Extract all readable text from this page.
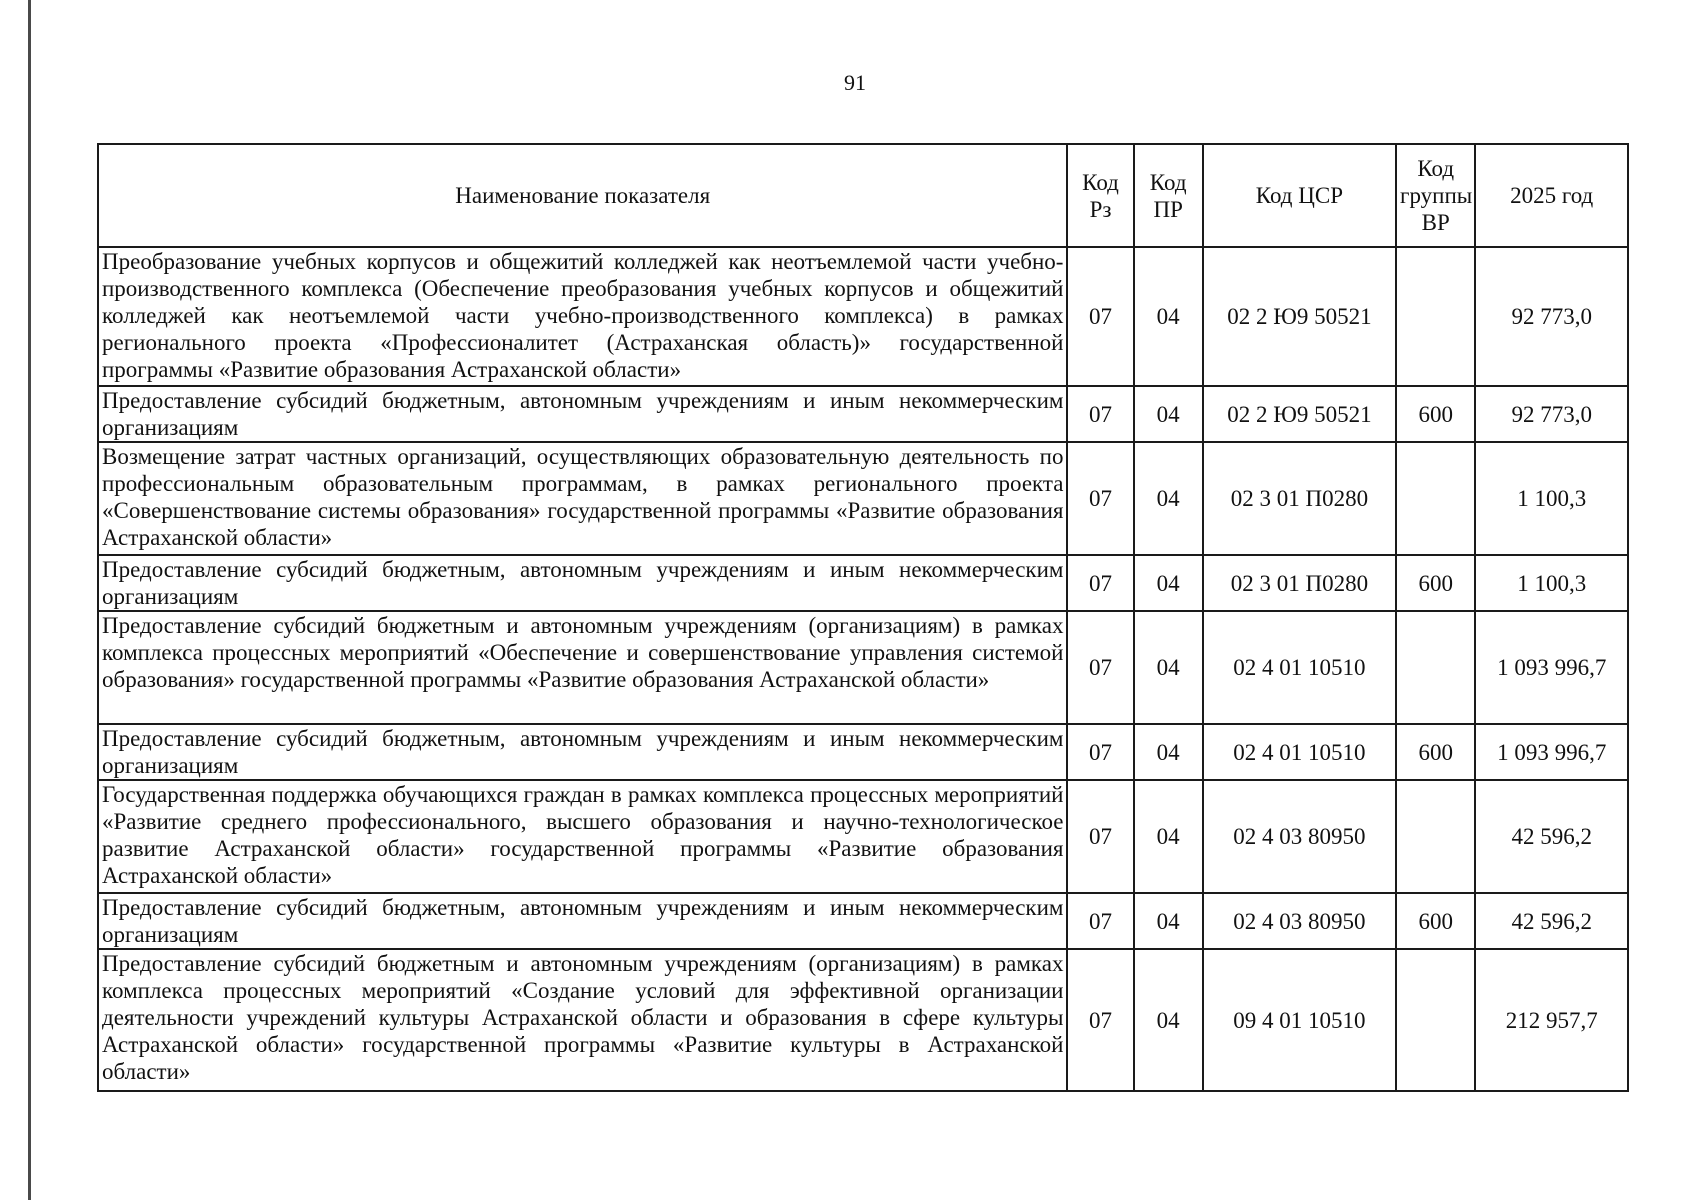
91
Наименование показателя	Код Рз	Код ПР	Код ЦСР	Код группы ВР	2025 год
Преобразование учебных корпусов и общежитий колледжей как неотъемлемой части учебно-производственного комплекса (Обеспечение преобразования учебных корпусов и общежитий колледжей как неотъемлемой части учебно-производственного комплекса) в рамках регионального проекта «Профессионалитет (Астраханская область)» государственной программы «Развитие образования Астраханской области»	07	04	02 2 Ю9 50521		92 773,0
Предоставление субсидий бюджетным, автономным учреждениям и иным некоммерческим организациям	07	04	02 2 Ю9 50521	600	92 773,0
Возмещение затрат частных организаций, осуществляющих образовательную деятельность по профессиональным образовательным программам, в рамках регионального проекта «Совершенствование системы образования» государственной программы «Развитие образования Астраханской области»	07	04	02 3 01 П0280		1 100,3
Предоставление субсидий бюджетным, автономным учреждениям и иным некоммерческим организациям	07	04	02 3 01 П0280	600	1 100,3
Предоставление субсидий бюджетным и автономным учреждениям (организациям) в рамках комплекса процессных мероприятий «Обеспечение и совершенствование управления системой образования» государственной программы «Развитие образования Астраханской области»	07	04	02 4 01 10510		1 093 996,7
Предоставление субсидий бюджетным, автономным учреждениям и иным некоммерческим организациям	07	04	02 4 01 10510	600	1 093 996,7
Государственная поддержка обучающихся граждан в рамках комплекса процессных мероприятий «Развитие среднего профессионального, высшего образования и научно-технологическое развитие Астраханской области» государственной программы «Развитие образования Астраханской области»	07	04	02 4 03 80950		42 596,2
Предоставление субсидий бюджетным, автономным учреждениям и иным некоммерческим организациям	07	04	02 4 03 80950	600	42 596,2
Предоставление субсидий бюджетным и автономным учреждениям (организациям) в рамках комплекса процессных мероприятий «Создание условий для эффективной организации деятельности учреждений культуры Астраханской области и образования в сфере культуры Астраханской области» государственной программы «Развитие культуры в Астраханской области»	07	04	09 4 01 10510		212 957,7
